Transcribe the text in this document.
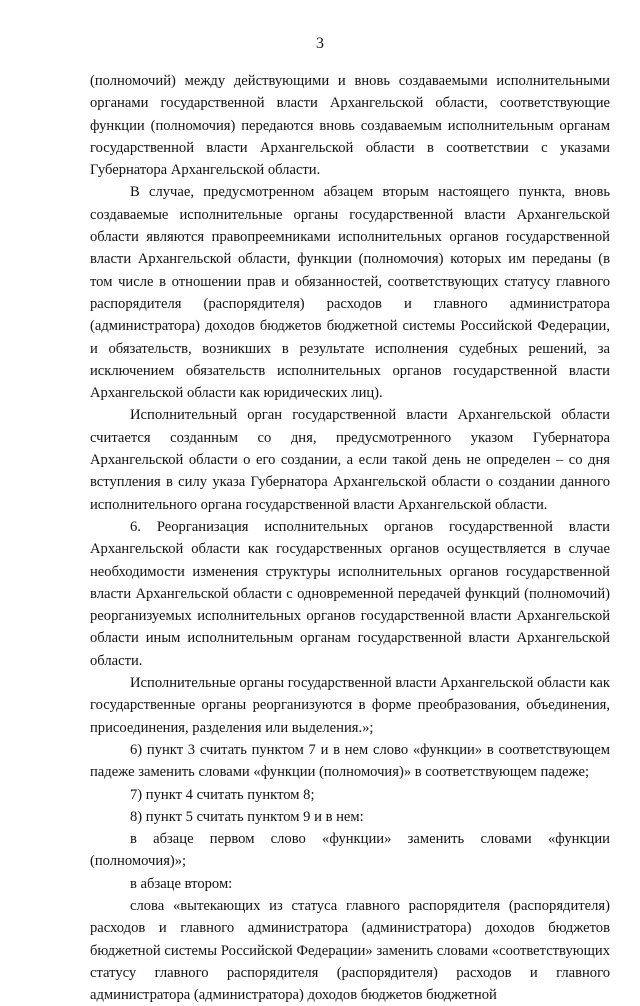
3

(полномочий) между действующими и вновь создаваемыми исполнительными органами государственной власти Архангельской области, соответствующие функции (полномочия) передаются вновь создаваемым исполнительным органам государственной власти Архангельской области в соответствии с указами Губернатора Архангельской области.

В случае, предусмотренном абзацем вторым настоящего пункта, вновь создаваемые исполнительные органы государственной власти Архангельской области являются правопреемниками исполнительных органов государственной власти Архангельской области, функции (полномочия) которых им переданы (в том числе в отношении прав и обязанностей, соответствующих статусу главного распорядителя (распорядителя) расходов и главного администратора (администратора) доходов бюджетов бюджетной системы Российской Федерации, и обязательств, возникших в результате исполнения судебных решений, за исключением обязательств исполнительных органов государственной власти Архангельской области как юридических лиц).

Исполнительный орган государственной власти Архангельской области считается созданным со дня, предусмотренного указом Губернатора Архангельской области о его создании, а если такой день не определен – со дня вступления в силу указа Губернатора Архангельской области о создании данного исполнительного органа государственной власти Архангельской области.

6. Реорганизация исполнительных органов государственной власти Архангельской области как государственных органов осуществляется в случае необходимости изменения структуры исполнительных органов государственной власти Архангельской области с одновременной передачей функций (полномочий) реорганизуемых исполнительных органов государственной власти Архангельской области иным исполнительным органам государственной власти Архангельской области.

Исполнительные органы государственной власти Архангельской области как государственные органы реорганизуются в форме преобразования, объединения, присоединения, разделения или выделения.»;

6) пункт 3 считать пунктом 7 и в нем слово «функции» в соответствующем падеже заменить словами «функции (полномочия)» в соответствующем падеже;

7) пункт 4 считать пунктом 8;

8) пункт 5 считать пунктом 9 и в нем:

в абзаце первом слово «функции» заменить словами «функции (полномочия)»;

в абзаце втором:

слова «вытекающих из статуса главного распорядителя (распорядителя) расходов и главного администратора (администратора) доходов бюджетов бюджетной системы Российской Федерации» заменить словами «соответствующих статусу главного распорядителя (распорядителя) расходов и главного администратора (администратора) доходов бюджетов бюджетной
